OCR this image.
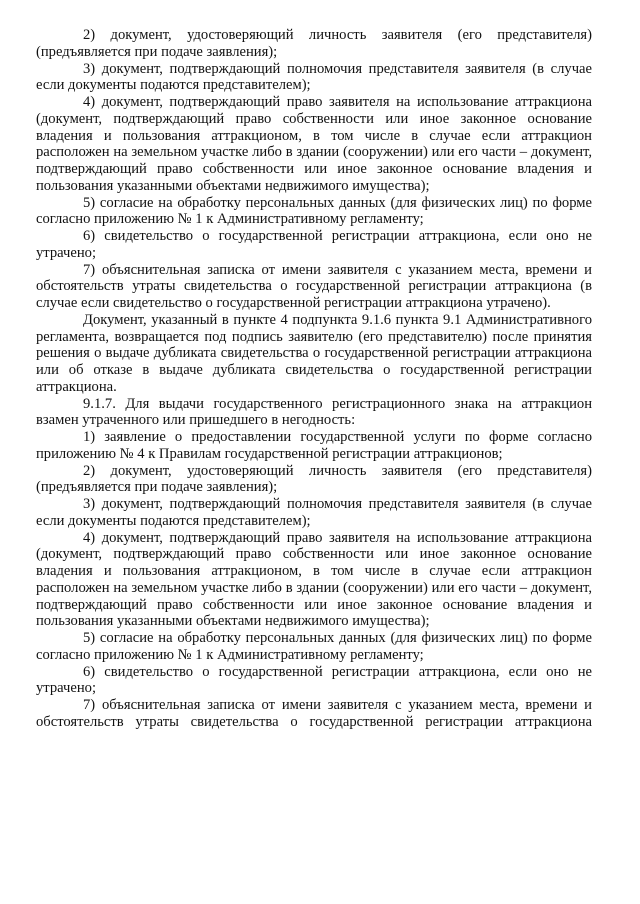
2) документ, удостоверяющий личность заявителя (его представителя) (предъявляется при подаче заявления);

3) документ, подтверждающий полномочия представителя заявителя (в случае если документы подаются представителем);

4) документ, подтверждающий право заявителя на использование аттракциона (документ, подтверждающий право собственности или иное законное основание владения и пользования аттракционом, в том числе в случае если аттракцион расположен на земельном участке либо в здании (сооружении) или его части – документ, подтверждающий право собственности или иное законное основание владения и пользования указанными объектами недвижимого имущества);

5) согласие на обработку персональных данных (для физических лиц) по форме согласно приложению № 1 к Административному регламенту;

6) свидетельство о государственной регистрации аттракциона, если оно не утрачено;

7) объяснительная записка от имени заявителя с указанием места, времени и обстоятельств утраты свидетельства о государственной регистрации аттракциона (в случае если свидетельство о государственной регистрации аттракциона утрачено).

Документ, указанный в пункте 4 подпункта 9.1.6 пункта 9.1 Административного регламента, возвращается под подпись заявителю (его представителю) после принятия решения о выдаче дубликата свидетельства о государственной регистрации аттракциона или об отказе в выдаче дубликата свидетельства о государственной регистрации аттракциона.

9.1.7. Для выдачи государственного регистрационного знака на аттракцион взамен утраченного или пришедшего в негодность:

1) заявление о предоставлении государственной услуги по форме согласно приложению № 4 к Правилам государственной регистрации аттракционов;

2) документ, удостоверяющий личность заявителя (его представителя) (предъявляется при подаче заявления);

3) документ, подтверждающий полномочия представителя заявителя (в случае если документы подаются представителем);

4) документ, подтверждающий право заявителя на использование аттракциона (документ, подтверждающий право собственности или иное законное основание владения и пользования аттракционом, в том числе в случае если аттракцион расположен на земельном участке либо в здании (сооружении) или его части – документ, подтверждающий право собственности или иное законное основание владения и пользования указанными объектами недвижимого имущества);

5) согласие на обработку персональных данных (для физических лиц) по форме согласно приложению № 1 к Административному регламенту;

6) свидетельство о государственной регистрации аттракциона, если оно не утрачено;

7) объяснительная записка от имени заявителя с указанием места, времени и обстоятельств утраты свидетельства о государственной регистрации аттракциона
